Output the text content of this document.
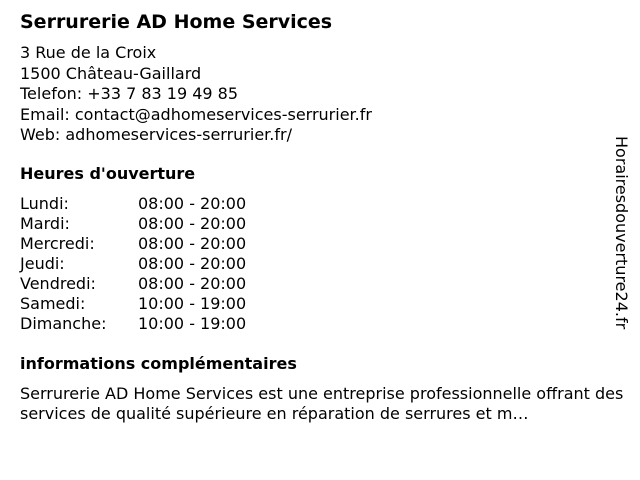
Serrurerie AD Home Services
3 Rue de la Croix
1500 Château-Gaillard
Telefon: +33 7 83 19 49 85
Email: contact@adhomeservices-serrurier.fr
Web: adhomeservices-serrurier.fr/
Heures d'ouverture
Lundi:	08:00 - 20:00
Mardi:	08:00 - 20:00
Mercredi:	08:00 - 20:00
Jeudi:	08:00 - 20:00
Vendredi:	08:00 - 20:00
Samedi:	10:00 - 19:00
Dimanche: 10:00 - 19:00
informations complémentaires
Serrurerie AD Home Services est une entreprise professionnelle offrant des services de qualité supérieure en réparation de serrures et m…
Horairesdouverture24.fr
